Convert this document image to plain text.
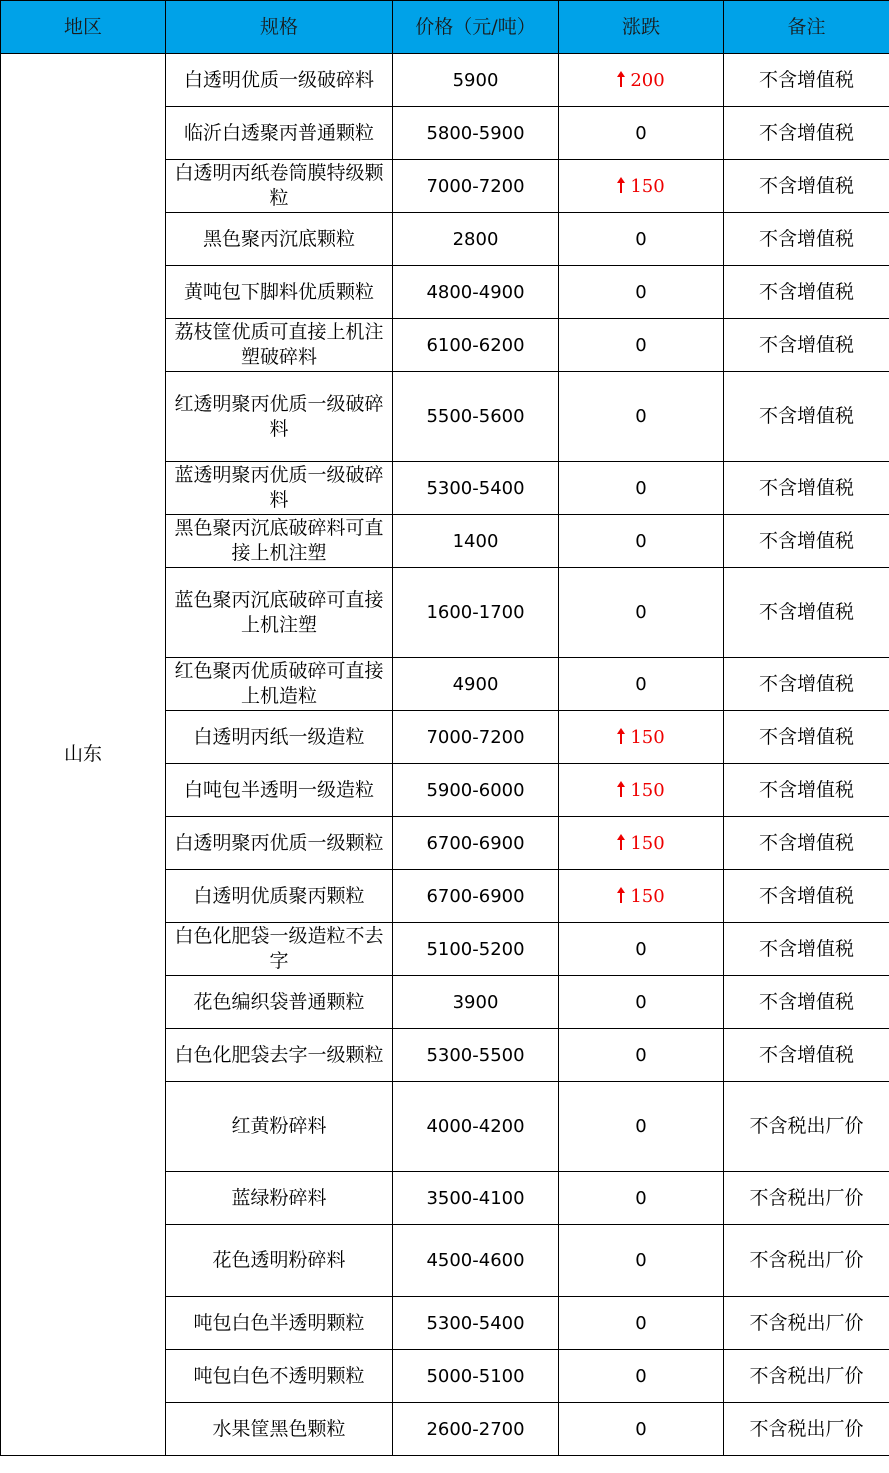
地区	规格	价格（元/吨）	涨跌	备注
山东	白透明优质一级破碎料	5900	200	不含增值税
	临沂白透聚丙普通颗粒	5800-5900	0	不含增值税
	白透明丙纸卷筒膜特级颗粒	7000-7200	150	不含增值税
	黑色聚丙沉底颗粒	2800	0	不含增值税
	黄吨包下脚料优质颗粒	4800-4900	0	不含增值税
	荔枝筐优质可直接上机注塑破碎料	6100-6200	0	不含增值税
	红透明聚丙优质一级破碎料	5500-5600	0	不含增值税
	蓝透明聚丙优质一级破碎料	5300-5400	0	不含增值税
	黑色聚丙沉底破碎料可直接上机注塑	1400	0	不含增值税
	蓝色聚丙沉底破碎可直接上机注塑	1600-1700	0	不含增值税
	红色聚丙优质破碎可直接上机造粒	4900	0	不含增值税
	白透明丙纸一级造粒	7000-7200	150	不含增值税
	白吨包半透明一级造粒	5900-6000	150	不含增值税
	白透明聚丙优质一级颗粒	6700-6900	150	不含增值税
	白透明优质聚丙颗粒	6700-6900	150	不含增值税
	白色化肥袋一级造粒不去字	5100-5200	0	不含增值税
	花色编织袋普通颗粒	3900	0	不含增值税
	白色化肥袋去字一级颗粒	5300-5500	0	不含增值税
	红黄粉碎料	4000-4200	0	不含税出厂价
	蓝绿粉碎料	3500-4100	0	不含税出厂价
	花色透明粉碎料	4500-4600	0	不含税出厂价
	吨包白色半透明颗粒	5300-5400	0	不含税出厂价
	吨包白色不透明颗粒	5000-5100	0	不含税出厂价
	水果筐黑色颗粒	2600-2700	0	不含税出厂价
